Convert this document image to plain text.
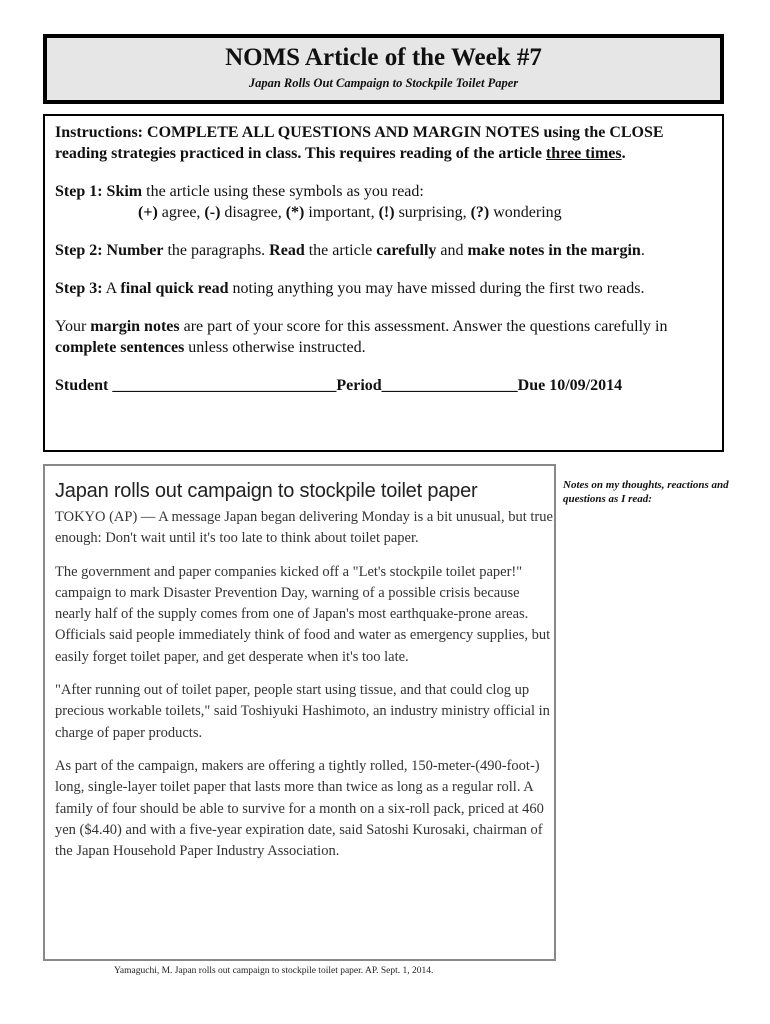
NOMS Article of the Week #7
Japan Rolls Out Campaign to Stockpile Toilet Paper

Instructions: COMPLETE ALL QUESTIONS AND MARGIN NOTES using the CLOSE reading strategies practiced in class. This requires reading of the article three times.

Step 1: Skim the article using these symbols as you read:

(+) agree, (-) disagree, (*) important, (!) surprising, (?) wondering

Step 2: Number the paragraphs. Read the article carefully and make notes in the margin.

Step 3: A final quick read noting anything you may have missed during the first two reads.

Your margin notes are part of your score for this assessment. Answer the questions carefully in complete sentences unless otherwise instructed.

Student ____________________________Period_________________Due 10/09/2014

Japan rolls out campaign to stockpile toilet paper

TOKYO (AP) — A message Japan began delivering Monday is a bit unusual, but true enough: Don't wait until it's too late to think about toilet paper.

The government and paper companies kicked off a "Let's stockpile toilet paper!" campaign to mark Disaster Prevention Day, warning of a possible crisis because nearly half of the supply comes from one of Japan's most earthquake-prone areas. Officials said people immediately think of food and water as emergency supplies, but easily forget toilet paper, and get desperate when it's too late.

"After running out of toilet paper, people start using tissue, and that could clog up precious workable toilets," said Toshiyuki Hashimoto, an industry ministry official in charge of paper products.

As part of the campaign, makers are offering a tightly rolled, 150-meter-(490-foot-) long, single-layer toilet paper that lasts more than twice as long as a regular roll. A family of four should be able to survive for a month on a six-roll pack, priced at 460 yen ($4.40) and with a five-year expiration date, said Satoshi Kurosaki, chairman of the Japan Household Paper Industry Association.

Notes on my thoughts, reactions and questions as I read:
Yamaguchi, M. Japan rolls out campaign to stockpile toilet paper. AP. Sept. 1, 2014.
